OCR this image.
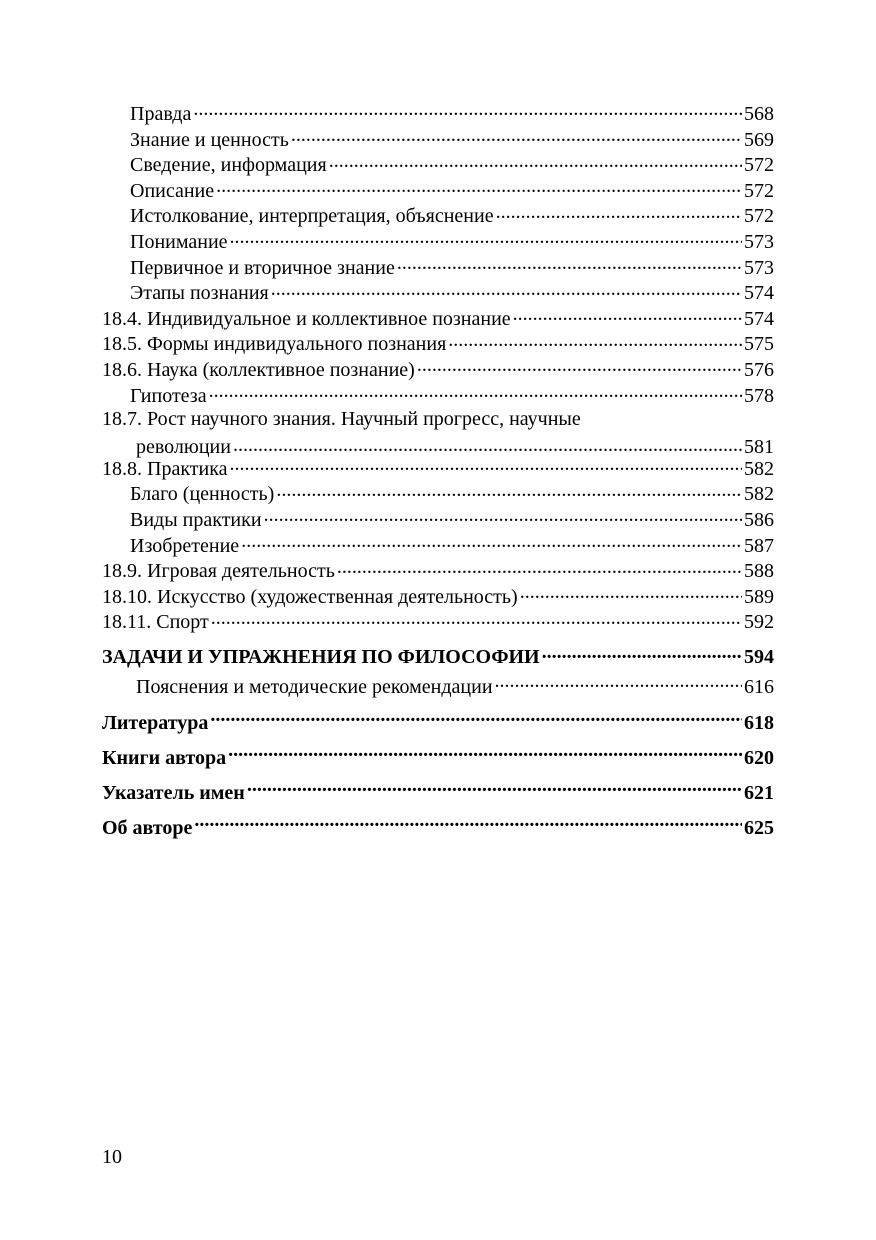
Правда .....	568
Знание и ценность .....	569
Сведение, информация .....	572
Описание .....	572
Истолкование, интерпретация, объяснение .....	572
Понимание .....	573
Первичное и вторичное знание .....	573
Этапы познания .....	574
18.4. Индивидуальное и коллективное познание .....	574
18.5. Формы индивидуального познания .....	575
18.6. Наука (коллективное познание) .....	576
Гипотеза .....	578
18.7. Рост научного знания. Научный прогресс, научные
революции .....	581
18.8. Практика .....	582
Благо (ценность) .....	582
Виды практики .....	586
Изобретение .....	587
18.9. Игровая деятельность .....	588
18.10. Искусство (художественная деятельность) .....	589
18.11. Спорт .....	592
ЗАДАЧИ И УПРАЖНЕНИЯ ПО ФИЛОСОФИИ .....	594
Пояснения и методические рекомендации .....	616
Литература .....	618
Книги автора .....	620
Указатель имен .....	621
Об авторе .....	625
10
